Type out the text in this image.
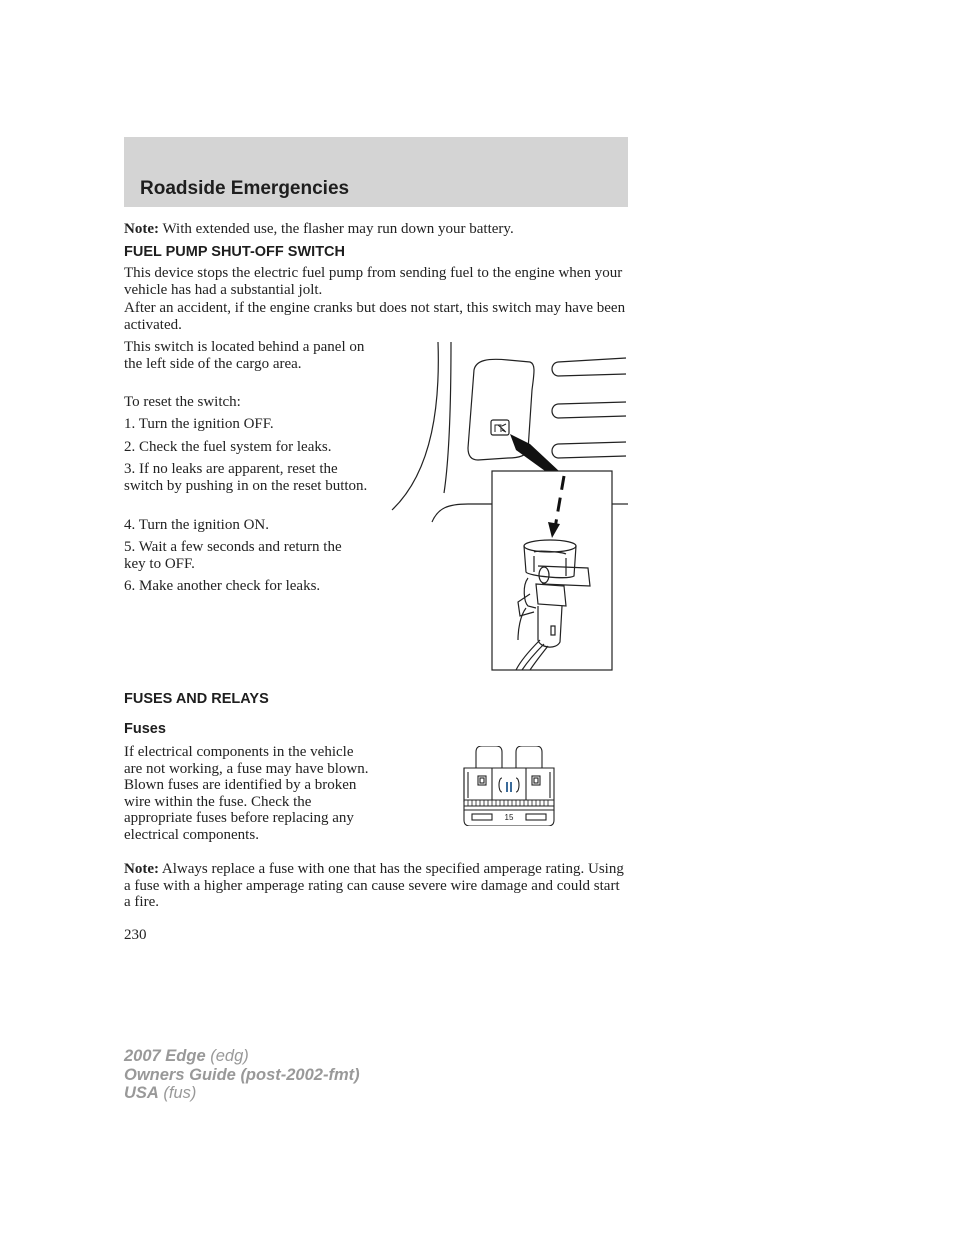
Roadside Emergencies

Note: With extended use, the flasher may run down your battery.

FUEL PUMP SHUT-OFF SWITCH

This device stops the electric fuel pump from sending fuel to the engine when your vehicle has had a substantial jolt.

After an accident, if the engine cranks but does not start, this switch may have been activated.

This switch is located behind a panel on the left side of the cargo area.

To reset the switch:

1. Turn the ignition OFF.

2. Check the fuel system for leaks.

3. If no leaks are apparent, reset the switch by pushing in on the reset button.

4. Turn the ignition ON.

5. Wait a few seconds and return the key to OFF.

6. Make another check for leaks.

FUSES AND RELAYS
Fuses

If electrical components in the vehicle are not working, a fuse may have blown. Blown fuses are identified by a broken wire within the fuse. Check the appropriate fuses before replacing any electrical components.

15

Note: Always replace a fuse with one that has the specified amperage rating. Using a fuse with a higher amperage rating can cause severe wire damage and could start a fire.

230
2007 Edge (edg)
Owners Guide (post-2002-fmt)
USA (fus)
